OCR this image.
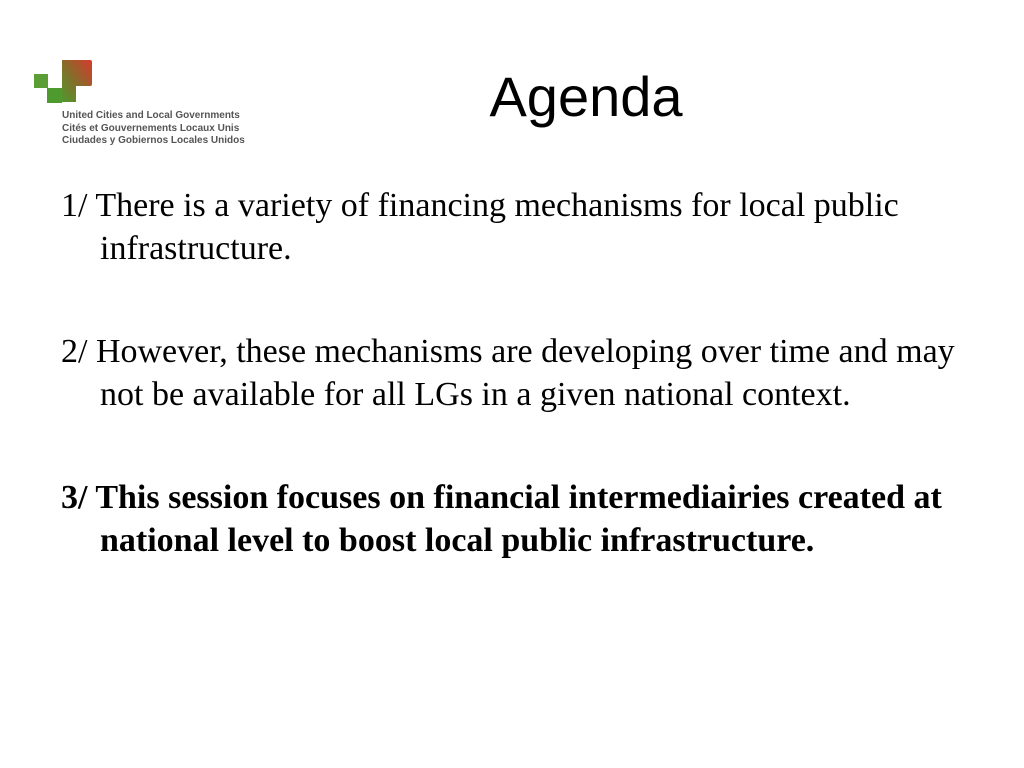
United Cities and Local Governments
Cités et Gouvernements Locaux Unis
Ciudades y Gobiernos Locales Unidos
Agenda

1/ There is a variety of financing mechanisms for local public infrastructure.

2/ However, these mechanisms are developing over time and may not be available for all LGs in a given national context.

3/ This session focuses on financial intermediairies created at national level to boost local public infrastructure.
